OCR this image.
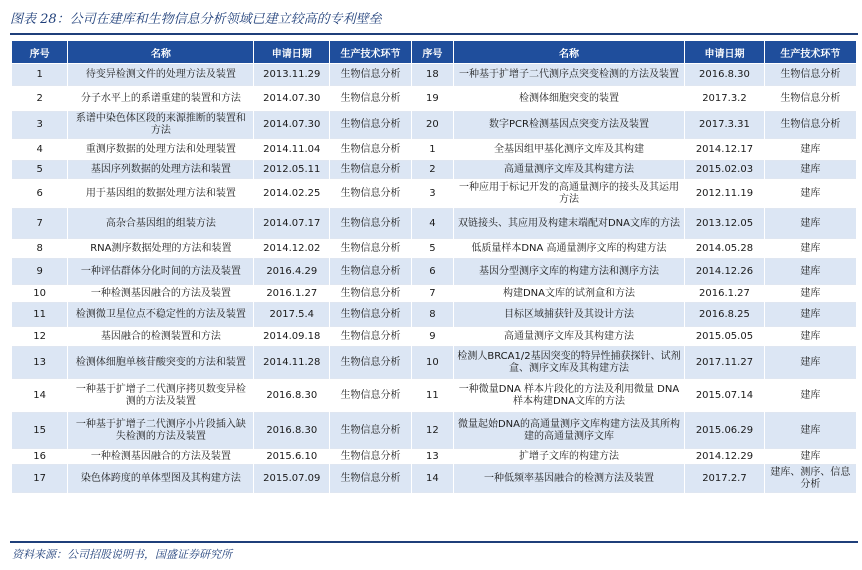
图表 28：公司在建库和生物信息分析领域已建立较高的专利壁垒
序号	名称	申请日期	生产技术环节	序号	名称	申请日期	生产技术环节
1	待变异检测文件的处理方法及装置	2013.11.29	生物信息分析	18	一种基于扩增子二代测序点突变检测的方法及装置	2016.8.30	生物信息分析
2	分子水平上的系谱重建的装置和方法	2014.07.30	生物信息分析	19	检测体细胞突变的装置	2017.3.2	生物信息分析
3	系谱中染色体区段的来源推断的装置和方法	2014.07.30	生物信息分析	20	数字PCR检测基因点突变方法及装置	2017.3.31	生物信息分析
4	重测序数据的处理方法和处理装置	2014.11.04	生物信息分析	1	全基因组甲基化测序文库及其构建	2014.12.17	建库
5	基因序列数据的处理方法和装置	2012.05.11	生物信息分析	2	高通量测序文库及其构建方法	2015.02.03	建库
6	用于基因组的数据处理方法和装置	2014.02.25	生物信息分析	3	一种应用于标记开发的高通量测序的接头及其运用方法	2012.11.19	建库
7	高杂合基因组的组装方法	2014.07.17	生物信息分析	4	双链接头、其应用及构建末端配对DNA文库的方法	2013.12.05	建库
8	RNA测序数据处理的方法和装置	2014.12.02	生物信息分析	5	低质量样本DNA 高通量测序文库的构建方法	2014.05.28	建库
9	一种评估群体分化时间的方法及装置	2016.4.29	生物信息分析	6	基因分型测序文库的构建方法和测序方法	2014.12.26	建库
10	一种检测基因融合的方法及装置	2016.1.27	生物信息分析	7	构建DNA文库的试剂盒和方法	2016.1.27	建库
11	检测微卫星位点不稳定性的方法及装置	2017.5.4	生物信息分析	8	目标区域捕获针及其设计方法	2016.8.25	建库
12	基因融合的检测装置和方法	2014.09.18	生物信息分析	9	高通量测序文库及其构建方法	2015.05.05	建库
13	检测体细胞单核苷酸突变的方法和装置	2014.11.28	生物信息分析	10	检测人BRCA1/2基因突变的特异性捕获探针、试剂盒、测序文库及其构建方法	2017.11.27	建库
14	一种基于扩增子二代测序拷贝数变异检测的方法及装置	2016.8.30	生物信息分析	11	一种微量DNA 样本片段化的方法及利用微量 DNA 样本构建DNA文库的方法	2015.07.14	建库
15	一种基于扩增子二代测序小片段插入缺失检测的方法及装置	2016.8.30	生物信息分析	12	微量起始DNA的高通量测序文库构建方法及其所构建的高通量测序文库	2015.06.29	建库
16	一种检测基因融合的方法及装置	2015.6.10	生物信息分析	13	扩增子文库的构建方法	2014.12.29	建库
17	染色体跨度的单体型图及其构建方法	2015.07.09	生物信息分析	14	一种低频率基因融合的检测方法及装置	2017.2.7	建库、测序、信息分析
资料来源：公司招股说明书，国盛证券研究所
